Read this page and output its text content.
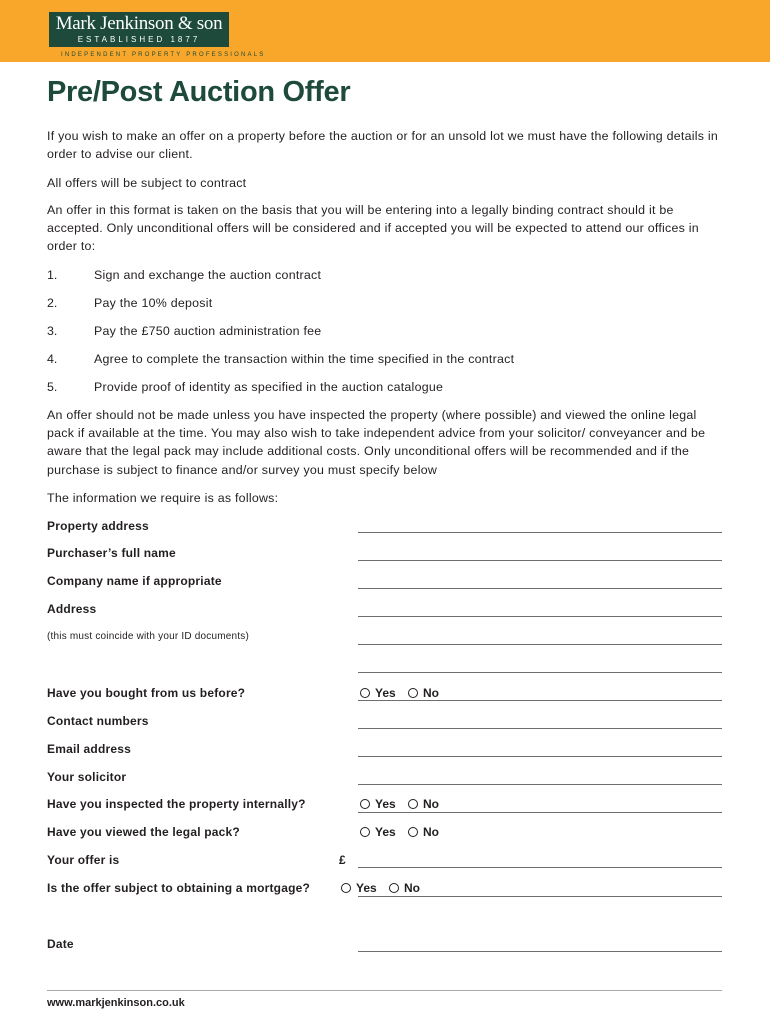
Mark Jenkinson & son
ESTABLISHED 1877
INDEPENDENT PROPERTY PROFESSIONALS
Pre/Post Auction Offer

If you wish to make an offer on a property before the auction or for an unsold lot we must have the following details in order to advise our client.

All offers will be subject to contract

An offer in this format is taken on the basis that you will be entering into a legally binding contract should it be accepted. Only unconditional offers will be considered and if accepted you will be expected to attend our offices in order to:

1.	Sign and exchange the auction contract
2.	Pay the 10% deposit
3.	Pay the £750 auction administration fee
4.	Agree to complete the transaction within the time specified in the contract
5.	Provide proof of identity as specified in the auction catalogue

An offer should not be made unless you have inspected the property (where possible) and viewed the online legal pack if available at the time. You may also wish to take independent advice from your solicitor/ conveyancer and be aware that the legal pack may include additional costs. Only unconditional offers will be recommended and if the purchase is subject to finance and/or survey you must specify below

The information we require is as follows:

Property address
Purchaser’s full name
Company name if appropriate
Address
(this must coincide with your ID documents)
Have you bought from us before?	Yes No
Contact numbers
Email address
Your solicitor
Have you inspected the property internally?	Yes No
Have you viewed the legal pack?	Yes No
Your offer is	£
Is the offer subject to obtaining a mortgage?	Yes No
Date
www.markjenkinson.co.uk
